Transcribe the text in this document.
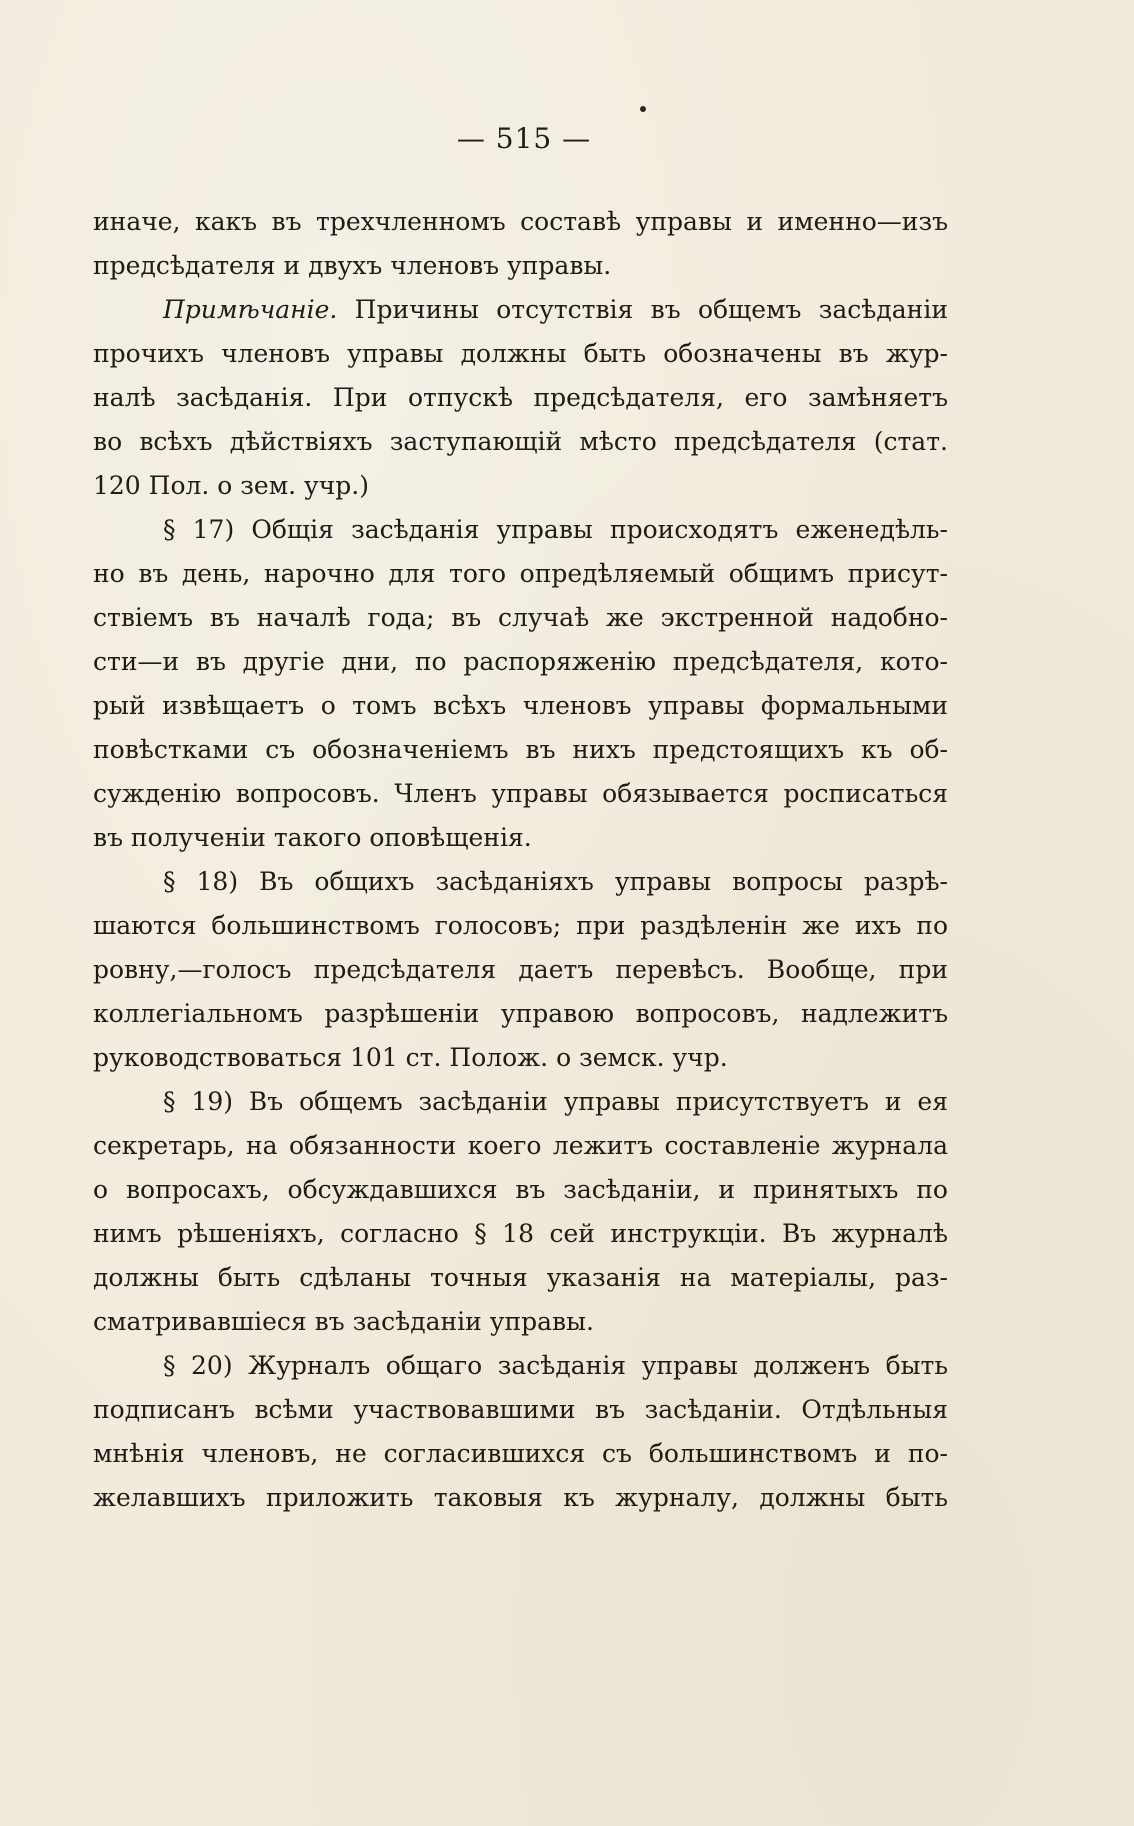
— 515 —
иначе, какъ въ трехчленномъ составѣ управы и именно—изъ
предсѣдателя и двухъ членовъ управы.
Примѣчаніе. Причины отсутствія въ общемъ засѣданіи
прочихъ членовъ управы должны быть обозначены въ жур-
налѣ засѣданія. При отпускѣ предсѣдателя, его замѣняетъ
во всѣхъ дѣйствіяхъ заступающій мѣсто предсѣдателя (стат.
120 Пол. о зем. учр.)
§ 17) Общія засѣданія управы происходятъ еженедѣль-
но въ день, нарочно для того опредѣляемый общимъ присут-
ствіемъ въ началѣ года; въ случаѣ же экстренной надобно-
сти—и въ другіе дни, по распоряженію предсѣдателя, кото-
рый извѣщаетъ о томъ всѣхъ членовъ управы формальными
повѣстками съ обозначеніемъ въ нихъ предстоящихъ къ об-
сужденію вопросовъ. Членъ управы обязывается росписаться
въ полученіи такого оповѣщенія.
§ 18) Въ общихъ засѣданіяхъ управы вопросы разрѣ-
шаются большинствомъ голосовъ; при раздѣленін же ихъ по
ровну,—голосъ предсѣдателя даетъ перевѣсъ. Вообще, при
коллегіальномъ разрѣшеніи управою вопросовъ, надлежитъ
руководствоваться 101 ст. Полож. о земск. учр.
§ 19) Въ общемъ засѣданіи управы присутствуетъ и ея
секретарь, на обязанности коего лежитъ составленіе журнала
о вопросахъ, обсуждавшихся въ засѣданіи, и принятыхъ по
нимъ рѣшеніяхъ, согласно § 18 сей инструкціи. Въ журналѣ
должны быть сдѣланы точныя указанія на матеріалы, раз-
сматривавшіеся въ засѣданіи управы.
§ 20) Журналъ общаго засѣданія управы долженъ быть
подписанъ всѣми участвовавшими въ засѣданіи. Отдѣльныя
мнѣнія членовъ, не согласившихся съ большинствомъ и по-
желавшихъ приложить таковыя къ журналу, должны быть
